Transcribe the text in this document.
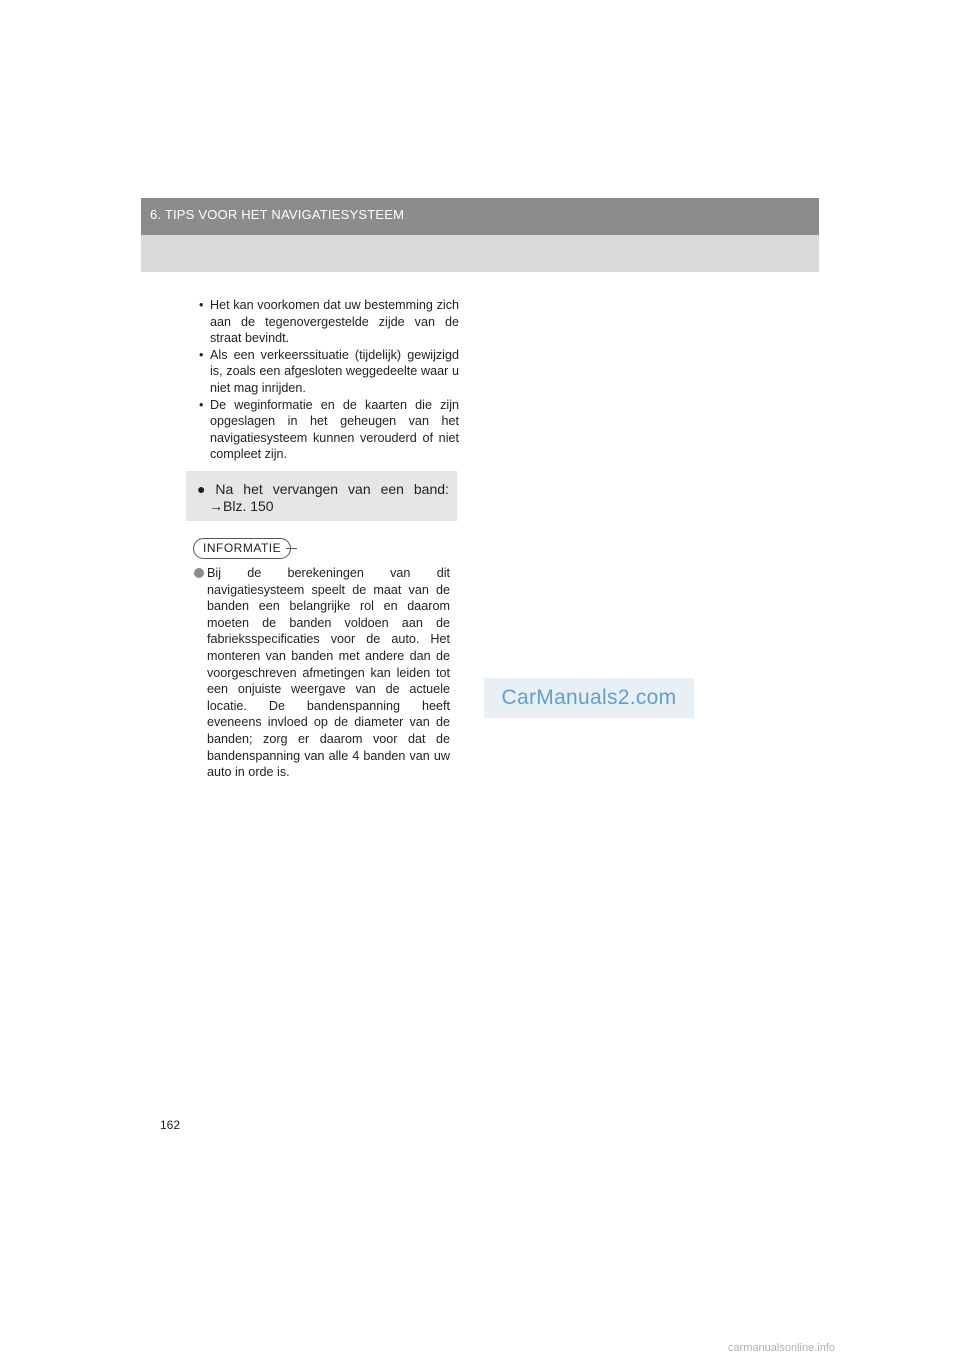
6. TIPS VOOR HET NAVIGATIESYSTEEM
• Het kan voorkomen dat uw bestemming zich aan de tegenovergestelde zijde van de straat bevindt.
• Als een verkeerssituatie (tijdelijk) gewijzigd is, zoals een afgesloten weggedeelte waar u niet mag inrijden.
• De weginformatie en de kaarten die zijn opgeslagen in het geheugen van het navigatiesysteem kunnen verouderd of niet compleet zijn.
● Na het vervangen van een band:
→Blz. 150
INFORMATIE
Bij de berekeningen van dit navigatiesysteem speelt de maat van de banden een belangrijke rol en daarom moeten de banden voldoen aan de fabrieksspecificaties voor de auto. Het monteren van banden met andere dan de voorgeschreven afmetingen kan leiden tot een onjuiste weergave van de actuele locatie. De bandenspanning heeft eveneens invloed op de diameter van de banden; zorg er daarom voor dat de bandenspanning van alle 4 banden van uw auto in orde is.
CarManuals2.com
162
carmanualsonline.info
